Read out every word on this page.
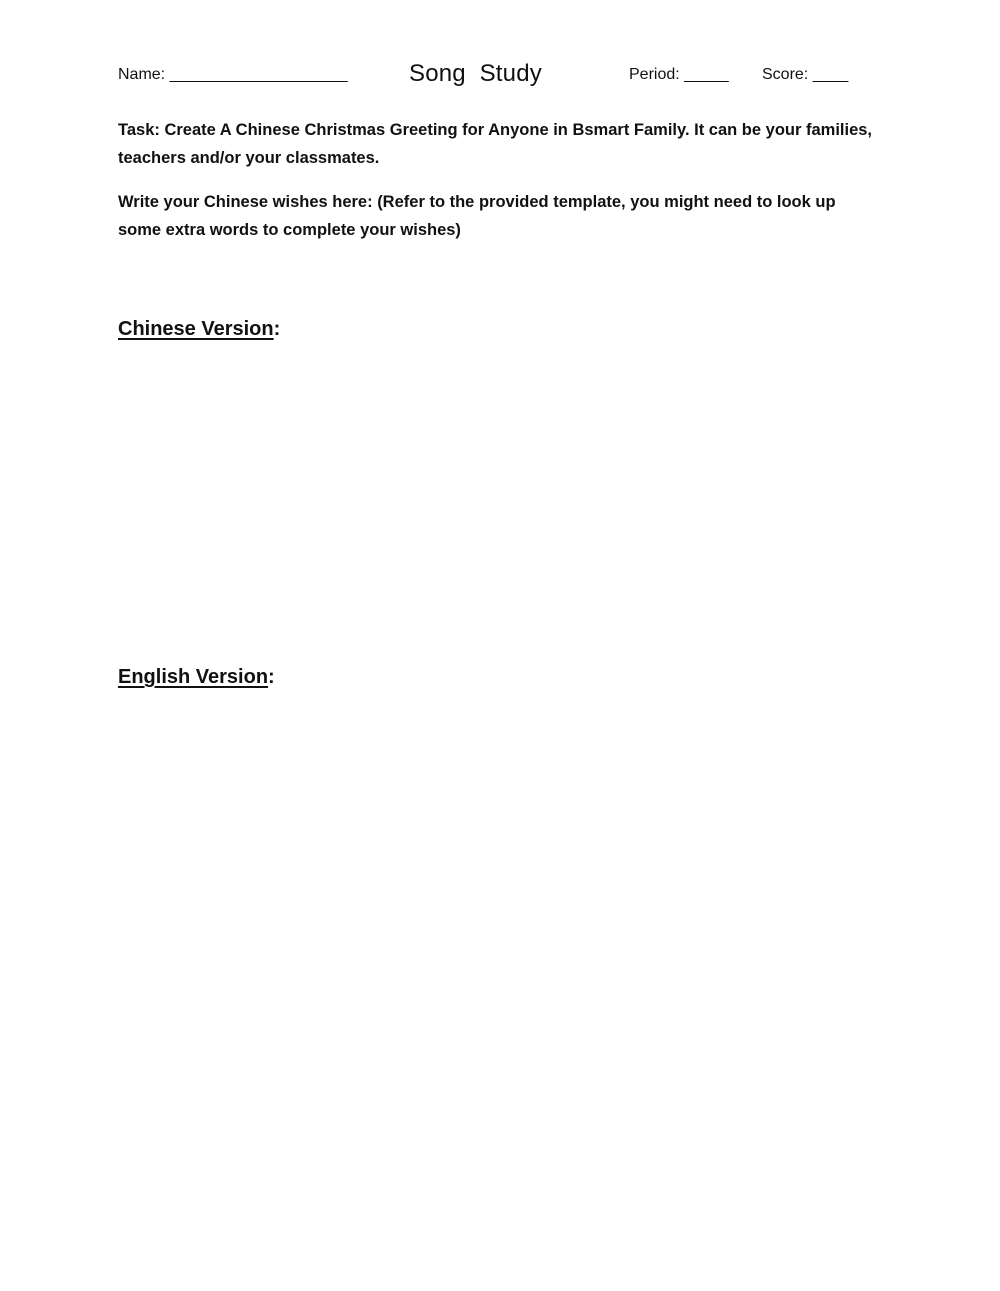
Name: ____________________	Song  Study	Period: _____ Score: ____

Task: Create A Chinese Christmas Greeting for Anyone in Bsmart Family. It can be your families, teachers and/or your classmates.

Write your Chinese wishes here: (Refer to the provided template, you might need to look up some extra words to complete your wishes)

Chinese Version:
English Version:
